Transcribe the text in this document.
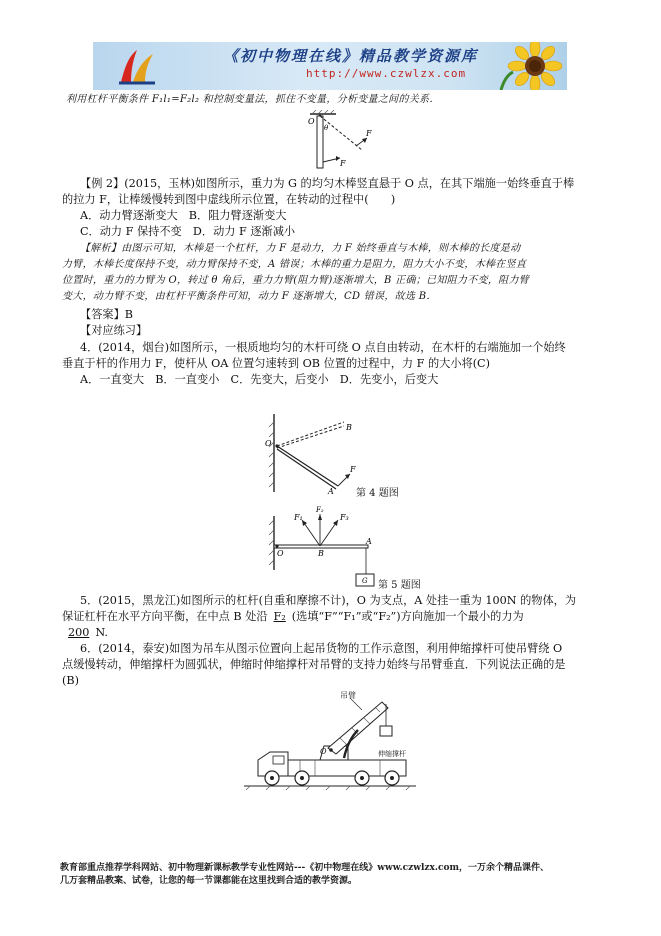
《初中物理在线》精品教学资源库
http://www.czwlzx.com
利用杠杆平衡条件 F₁l₁=F₂l₂ 和控制变量法，抓住不变量，分析变量之间的关系．
O
θ
F
F
【例 2】(2015，玉林)如图所示，重力为 G 的均匀木棒竖直悬于 O 点，在其下端施一始终垂直于棒
的拉力 F，让棒缓慢转到图中虚线所示位置，在转动的过程中(　　)
A．动力臂逐渐变大　B．阻力臂逐渐变大
C．动力 F 保持不变　D．动力 F 逐渐减小
【解析】由图示可知，木棒是一个杠杆，力 F 是动力，力 F 始终垂直与木棒，则木棒的长度是动
力臂，木棒长度保持不变，动力臂保持不变，A 错误；木棒的重力是阻力，阻力大小不变，木棒在竖直
位置时，重力的力臂为 O，转过 θ 角后，重力力臂(阻力臂)逐渐增大，B 正确；已知阻力不变，阻力臂
变大，动力臂不变，由杠杆平衡条件可知，动力 F 逐渐增大，CD 错误，故选 B．
【答案】B
【对应练习】
4．(2014，烟台)如图所示，一根质地均匀的木杆可绕 O 点自由转动，在木杆的右端施加一个始终
垂直于杆的作用力 F，使杆从 OA 位置匀速转到 OB 位置的过程中，力 F 的大小将(C)
A．一直变大　B．一直变小　C．先变大，后变小　D．先变小，后变大
O
B
A
F
第 4 题图
F₁
F₂
F₃
O	B
A
G 第 5 题图
5．(2015，黑龙江)如图所示的杠杆(自重和摩擦不计)，O 为支点，A 处挂一重为 100N 的物体，为
保证杠杆在水平方向平衡，在中点 B 处沿 F₂ (选填“F”“F₁”或“F₂”)方向施加一个最小的力为
200 N.
6．(2014，泰安)如图为吊车从图示位置向上起吊货物的工作示意图，利用伸缩撑杆可使吊臂绕 O
点缓慢转动，伸缩撑杆为圆弧状，伸缩时伸缩撑杆对吊臂的支持力始终与吊臂垂直．下列说法正确的是
(B)
吊臂
O	伸缩撑杆
教育部重点推荐学科网站、初中物理新课标教学专业性网站---《初中物理在线》www.czwlzx.com，一万余个精品课件、
几万套精品教案、试卷，让您的每一节课都能在这里找到合适的教学资源。
